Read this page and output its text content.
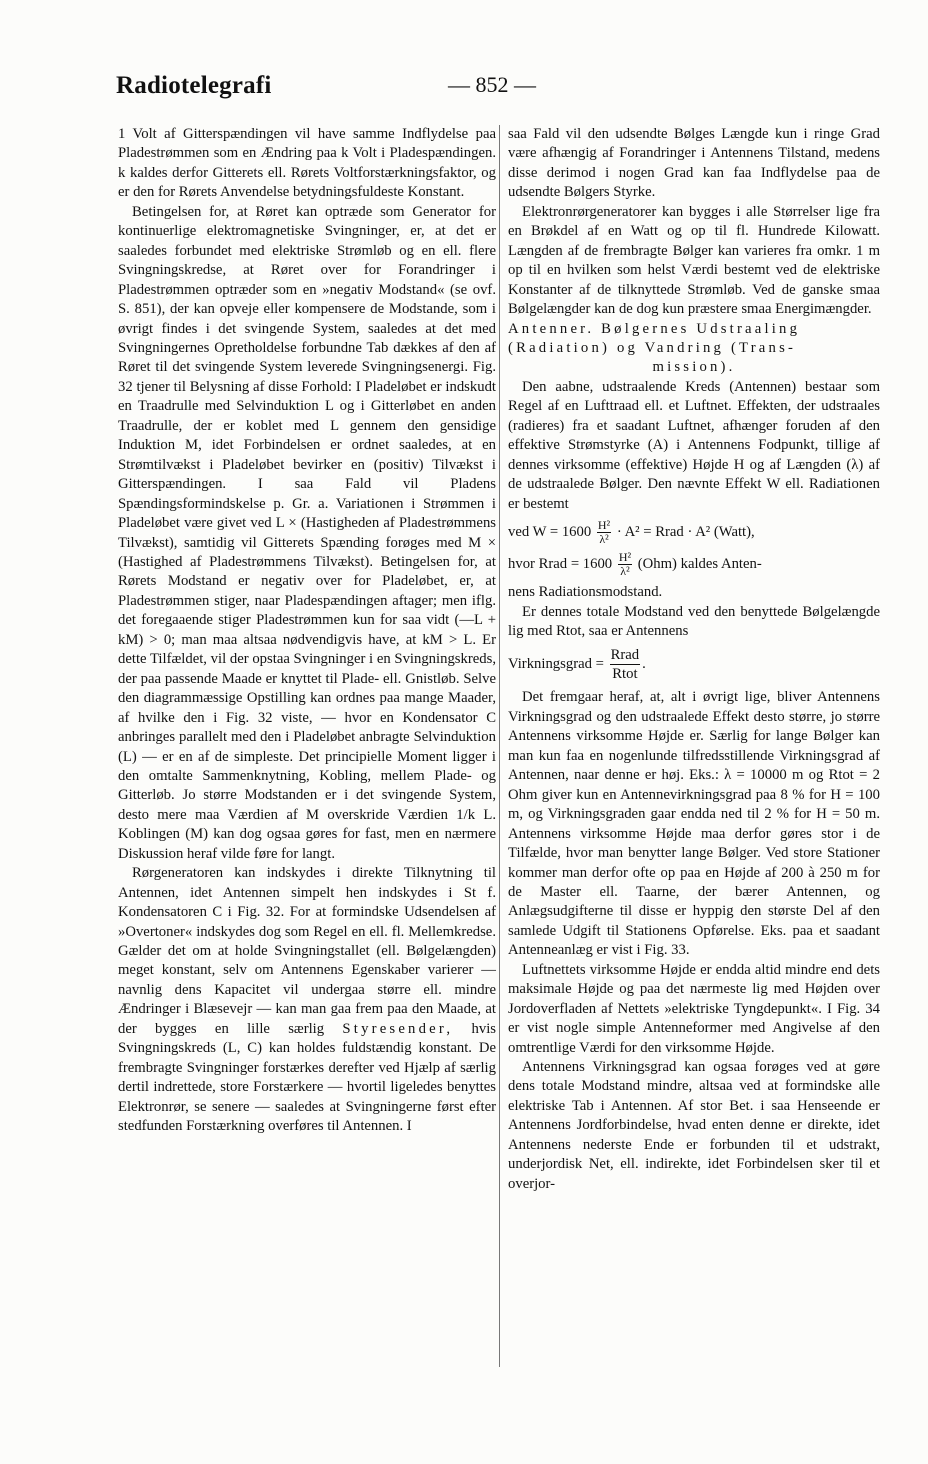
Radiotelegrafi	— 852 —

1 Volt af Gitterspændingen vil have samme Indflydelse paa Pladestrømmen som en Ændring paa k Volt i Pladespændingen. k kaldes derfor Gitterets ell. Rørets Voltforstærkningsfaktor, og er den for Rørets Anvendelse betydningsfuldeste Konstant.

Betingelsen for, at Røret kan optræde som Generator for kontinuerlige elektromagnetiske Svingninger, er, at det er saaledes forbundet med elektriske Strømløb og en ell. flere Svingningskredse, at Røret over for Forandringer i Pladestrømmen optræder som en »negativ Modstand« (se ovf. S. 851), der kan opveje eller kompensere de Modstande, som i øvrigt findes i det svingende System, saaledes at det med Svingningernes Opretholdelse forbundne Tab dækkes af den af Røret til det svingende System leverede Svingningsenergi. Fig. 32 tjener til Belysning af disse Forhold: I Pladeløbet er indskudt en Traadrulle med Selvinduktion L og i Gitterløbet en anden Traadrulle, der er koblet med L gennem den gensidige Induktion M, idet Forbindelsen er ordnet saaledes, at en Strømtilvækst i Pladeløbet bevirker en (positiv) Tilvækst i Gitterspændingen. I saa Fald vil Pladens Spændingsformindskelse p. Gr. a. Variationen i Strømmen i Pladeløbet være givet ved L × (Hastigheden af Pladestrømmens Tilvækst), samtidig vil Gitterets Spænding forøges med M × (Hastighed af Pladestrømmens Tilvækst). Betingelsen for, at Rørets Modstand er negativ over for Pladeløbet, er, at Pladestrømmen stiger, naar Pladespændingen aftager; men iflg. det foregaaende stiger Pladestrømmen kun for saa vidt (—L + kM) > 0; man maa altsaa nødvendigvis have, at kM > L. Er dette Tilfældet, vil der opstaa Svingninger i en Svingningskreds, der paa passende Maade er knyttet til Plade- ell. Gnistløb. Selve den diagrammæssige Opstilling kan ordnes paa mange Maader, af hvilke den i Fig. 32 viste, — hvor en Kondensator C anbringes parallelt med den i Pladeløbet anbragte Selvinduktion (L) — er en af de simpleste. Det principielle Moment ligger i den omtalte Sammenknytning, Kobling, mellem Plade- og Gitterløb. Jo større Modstanden er i det svingende System, desto mere maa Værdien af M overskride Værdien 1/k L. Koblingen (M) kan dog ogsaa gøres for fast, men en nærmere Diskussion heraf vilde føre for langt.

Rørgeneratoren kan indskydes i direkte Tilknytning til Antennen, idet Antennen simpelt hen indskydes i St f. Kondensatoren C i Fig. 32. For at formindske Udsendelsen af »Overtoner« indskydes dog som Regel en ell. fl. Mellemkredse. Gælder det om at holde Svingningstallet (ell. Bølgelængden) meget konstant, selv om Antennens Egenskaber varierer — navnlig dens Kapacitet vil undergaa større ell. mindre Ændringer i Blæsevejr — kan man gaa frem paa den Maade, at der bygges en lille særlig Styresender, hvis Svingningskreds (L, C) kan holdes fuldstændig konstant. De frembragte Svingninger forstærkes derefter ved Hjælp af særlig dertil indrettede, store Forstærkere — hvortil ligeledes benyttes Elektronrør, se senere — saaledes at Svingningerne først efter stedfunden Forstærkning overføres til Antennen. I

saa Fald vil den udsendte Bølges Længde kun i ringe Grad være afhængig af Forandringer i Antennens Tilstand, medens disse derimod i nogen Grad kan faa Indflydelse paa de udsendte Bølgers Styrke.

Elektronrørgeneratorer kan bygges i alle Størrelser lige fra en Brøkdel af en Watt og op til fl. Hundrede Kilowatt. Længden af de frembragte Bølger kan varieres fra omkr. 1 m op til en hvilken som helst Værdi bestemt ved de elektriske Konstanter af de tilknyttede Strømløb. Ved de ganske smaa Bølgelængder kan de dog kun præstere smaa Energimængder.

Antenner. Bølgernes Udstraaling
(Radiation) og Vandring (Trans-
mission).

Den aabne, udstraalende Kreds (Antennen) bestaar som Regel af en Lufttraad ell. et Luftnet. Effekten, der udstraales (radieres) fra et saadant Luftnet, afhænger foruden af den effektive Strømstyrke (A) i Antennens Fodpunkt, tillige af dennes virksomme (effektive) Højde H og af Længden (λ) af de udstraalede Bølger. Den nævnte Effekt W ell. Radiationen er bestemt

ved $W = 1600 \frac{\text{H²}}{\text{λ²}} \cdot A^2$ = Rrad · A² (Watt),
hvor Rrad = $1600 \frac{\text{H²}}{\text{λ²}} (Ohm)$ kaldes Anten-

nens Radiationsmodstand.

Er dennes totale Modstand ved den benyttede Bølgelængde lig med Rtot, saa er Antennens

Virkningsgrad = $\frac{\text{Rrad}}{\text{Rtot}}$ .

Det fremgaar heraf, at, alt i øvrigt lige, bliver Antennens Virkningsgrad og den udstraalede Effekt desto større, jo større Antennens virksomme Højde er. Særlig for lange Bølger kan man kun faa en nogenlunde tilfredsstillende Virkningsgrad af Antennen, naar denne er høj. Eks.: λ = 10000 m og Rtot = 2 Ohm giver kun en Antennevirkningsgrad paa 8 % for H = 100 m, og Virkningsgraden gaar endda ned til 2 % for H = 50 m. Antennens virksomme Højde maa derfor gøres stor i de Tilfælde, hvor man benytter lange Bølger. Ved store Stationer kommer man derfor ofte op paa en Højde af 200 à 250 m for de Master ell. Taarne, der bærer Antennen, og Anlægsudgifterne til disse er hyppig den største Del af den samlede Udgift til Stationens Opførelse. Eks. paa et saadant Antenneanlæg er vist i Fig. 33.

Luftnettets virksomme Højde er endda altid mindre end dets maksimale Højde og paa det nærmeste lig med Højden over Jordoverfladen af Nettets »elektriske Tyngdepunkt«. I Fig. 34 er vist nogle simple Antenneformer med Angivelse af den omtrentlige Værdi for den virksomme Højde.

Antennens Virkningsgrad kan ogsaa forøges ved at gøre dens totale Modstand mindre, altsaa ved at formindske alle elektriske Tab i Antennen. Af stor Bet. i saa Henseende er Antennens Jordforbindelse, hvad enten denne er direkte, idet Antennens nederste Ende er forbunden til et udstrakt, underjordisk Net, ell. indirekte, idet Forbindelsen sker til et overjor-
